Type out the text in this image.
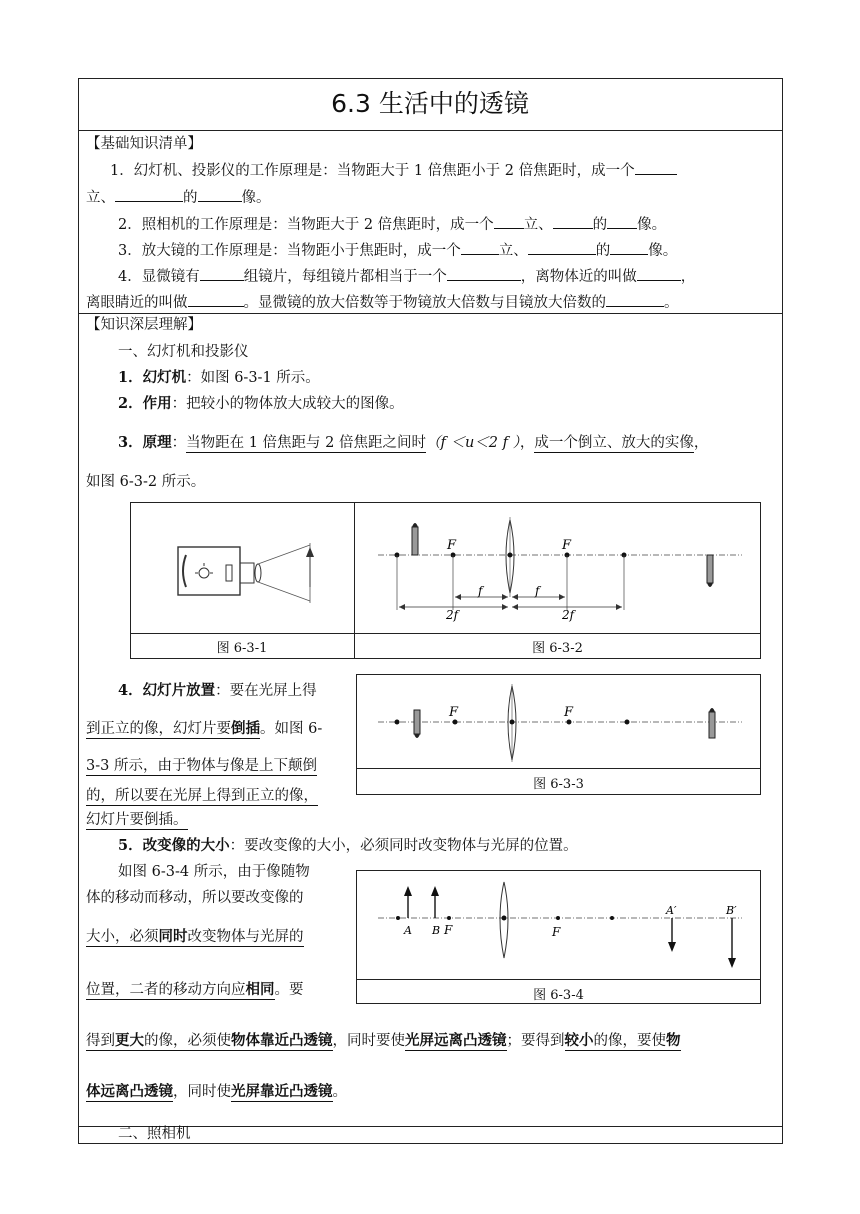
6.3 生活中的透镜
【基础知识清单】
1．幻灯机、投影仪的工作原理是：当物距大于 1 倍焦距小于 2 倍焦距时，成一个
立、	的	像。
2．照相机的工作原理是：当物距大于 2 倍焦距时，成一个 立、	的 像。
3．放大镜的工作原理是：当物距小于焦距时，成一个	立、	的	像。
4．显微镜有	组镜片，每组镜片都相当于一个	，离物体近的叫做	，
离眼睛近的叫做	。显微镜的放大倍数等于物镜放大倍数与目镜放大倍数的	。
【知识深层理解】
一、幻灯机和投影仪
1．幻灯机：如图 6-3-1 所示。
2．作用：把较小的物体放大成较大的图像。
3．原理：当物距在 1 倍焦距与 2 倍焦距之间时（f ＜u＜2 f ），成一个倒立、放大的实像，
如图 6-3-2 所示。
图 6-3-1	图 6-3-2
F	F
f	f
2f	2f
4．幻灯片放置：要在光屏上得
到正立的像，幻灯片要倒插。如图 6-
3-3 所示，由于物体与像是上下颠倒
的，所以要在光屏上得到正立的像，
幻灯片要倒插。
图 6-3-3
F	F
5．改变像的大小：要改变像的大小，必须同时改变物体与光屏的位置。
如图 6-3-4 所示，由于像随物
体的移动而移动，所以要改变像的
大小，必须同时改变物体与光屏的
位置，二者的移动方向应相同。要
得到更大的像，必须使物体靠近凸透镜，同时要使光屏远离凸透镜；要得到较小的像，要使物
体远离凸透镜，同时使光屏靠近凸透镜。
图 6-3-4
A B F	F
A′	B′
二、照相机
